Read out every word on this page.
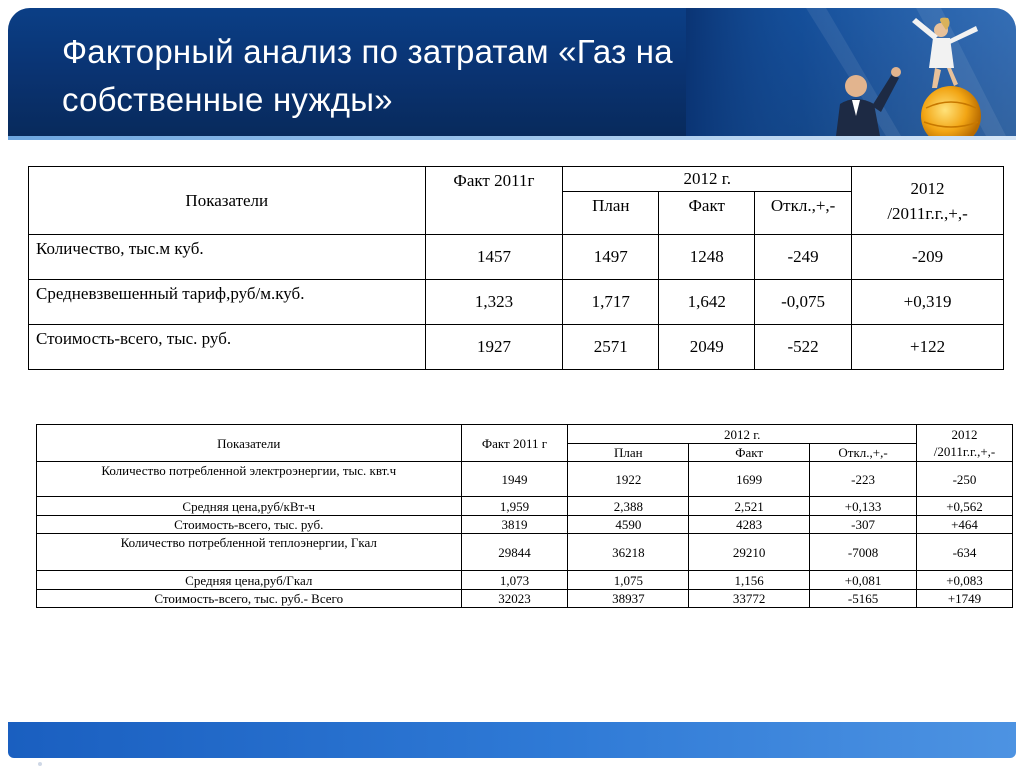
Факторный анализ по затратам «Газ на собственные нужды»
Показатели	Факт 2011г	2012 г.			2012
/2011г.г.,+,-
		План	Факт	Откл.,+,-	
Количество, тыс.м куб.	1457	1497	1248	-249	-209
Средневзвешенный тариф,руб/м.куб.	1,323	1,717	1,642	-0,075	+0,319
Стоимость-всего, тыс. руб.	1927	2571	2049	-522	+122
Показатели	Факт 2011 г	2012 г.			2012
/2011г.г.,+,-
		План	Факт	Откл.,+,-	
Количество потребленной электроэнергии, тыс. квт.ч	1949	1922	1699	-223	-250
Средняя цена,руб/кВт-ч	1,959	2,388	2,521	+0,133	+0,562
Стоимость-всего, тыс. руб.	3819	4590	4283	-307	+464
Количество потребленной теплоэнергии, Гкал	29844	36218	29210	-7008	-634
Средняя цена,руб/Гкал	1,073	1,075	1,156	+0,081	+0,083
Стоимость-всего, тыс. руб.- Всего	32023	38937	33772	-5165	+1749
